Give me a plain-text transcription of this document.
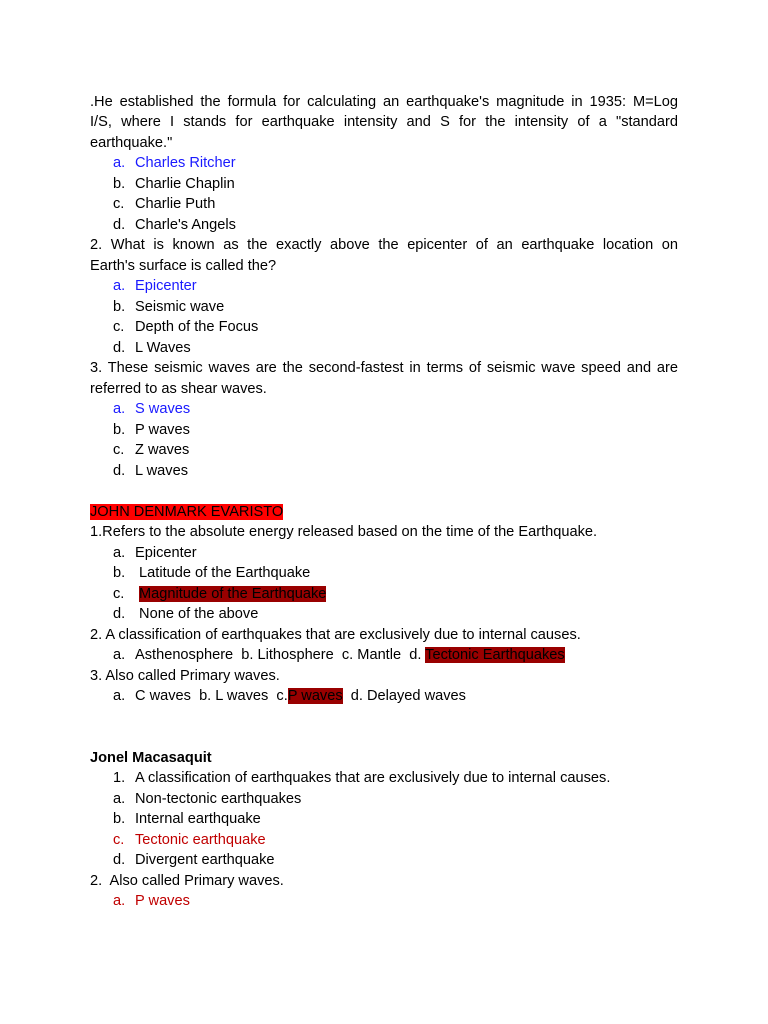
.He established the formula for calculating an earthquake's magnitude in 1935: M=Log
I/S, where I stands for earthquake intensity and S for the intensity of a "standard
earthquake."
a. Charles Ritcher
b. Charlie Chaplin
c. Charlie Puth
d. Charle's Angels
2. What is known as the exactly above the epicenter of an earthquake location on
Earth's surface is called the?
a. Epicenter
b. Seismic wave
c. Depth of the Focus
d. L Waves
3. These seismic waves are the second-fastest in terms of seismic wave speed and are
referred to as shear waves.
a. S waves
b. P waves
c. Z waves
d. L waves
JOHN DENMARK EVARISTO
1.Refers to the absolute energy released based on the time of the Earthquake.
a. Epicenter
b. Latitude of the Earthquake
c. Magnitude of the Earthquake
d. None of the above
2. A classification of earthquakes that are exclusively due to internal causes.
a. Asthenosphere  b. Lithosphere  c. Mantle  d. Tectonic Earthquakes
3. Also called Primary waves.
a. C waves  b. L waves  c.P waves  d. Delayed waves
Jonel Macasaquit
1. A classification of earthquakes that are exclusively due to internal causes.
a. Non-tectonic earthquakes
b. Internal earthquake
c. Tectonic earthquake
d. Divergent earthquake
2.  Also called Primary waves.
a. P waves
